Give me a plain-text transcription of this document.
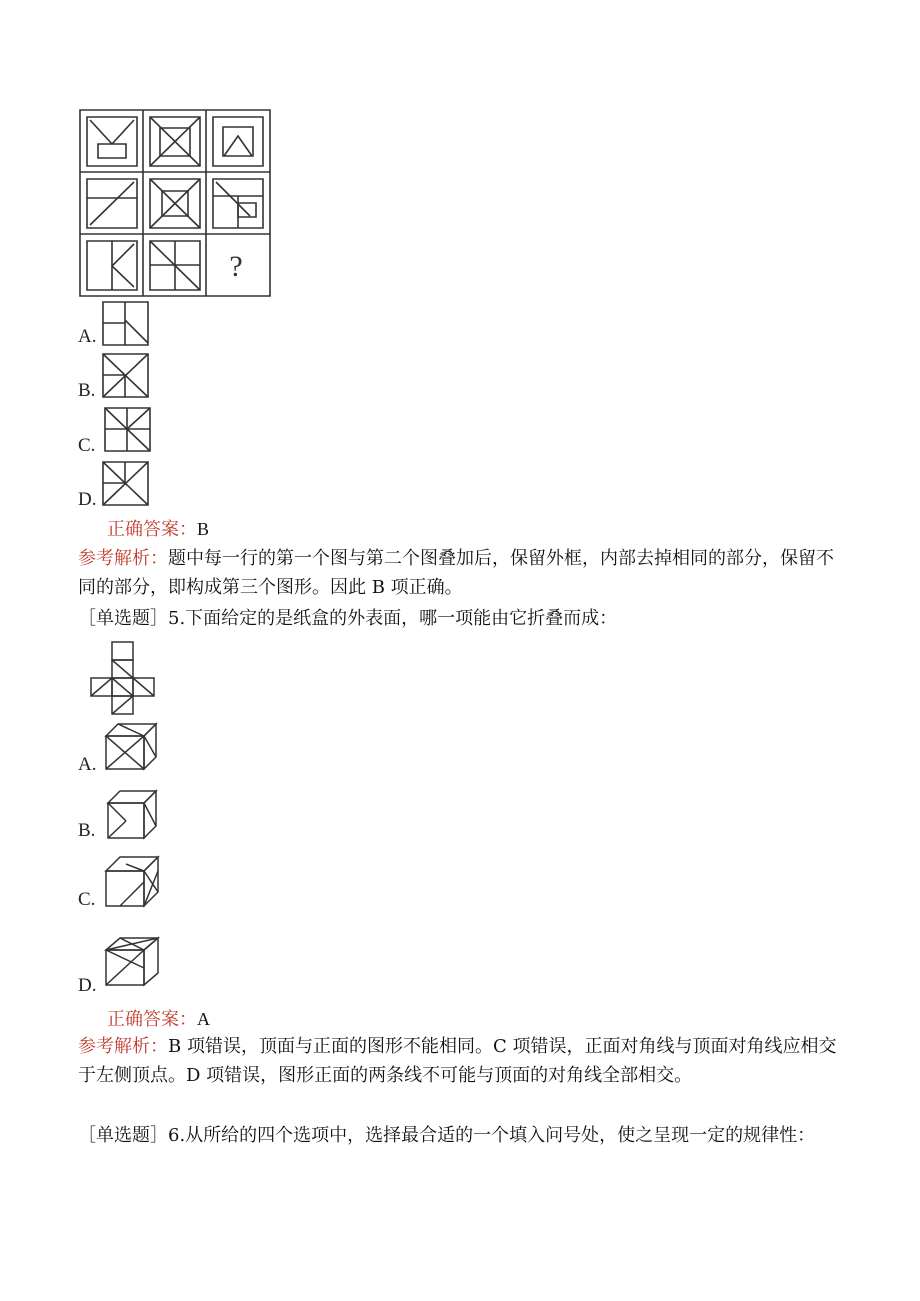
?
A.
B.
C.
D.
正确答案：B
参考解析：题中每一行的第一个图与第二个图叠加后，保留外框，内部去掉相同的部分，保留不同的部分，即构成第三个图形。因此 B 项正确。
［单选题］5.下面给定的是纸盒的外表面，哪一项能由它折叠而成：
A.
B.
C.
D.
正确答案：A
参考解析：B 项错误，顶面与正面的图形不能相同。C 项错误，正面对角线与顶面对角线应相交于左侧顶点。D 项错误，图形正面的两条线不可能与顶面的对角线全部相交。
［单选题］6.从所给的四个选项中，选择最合适的一个填入问号处，使之呈现一定的规律性：
